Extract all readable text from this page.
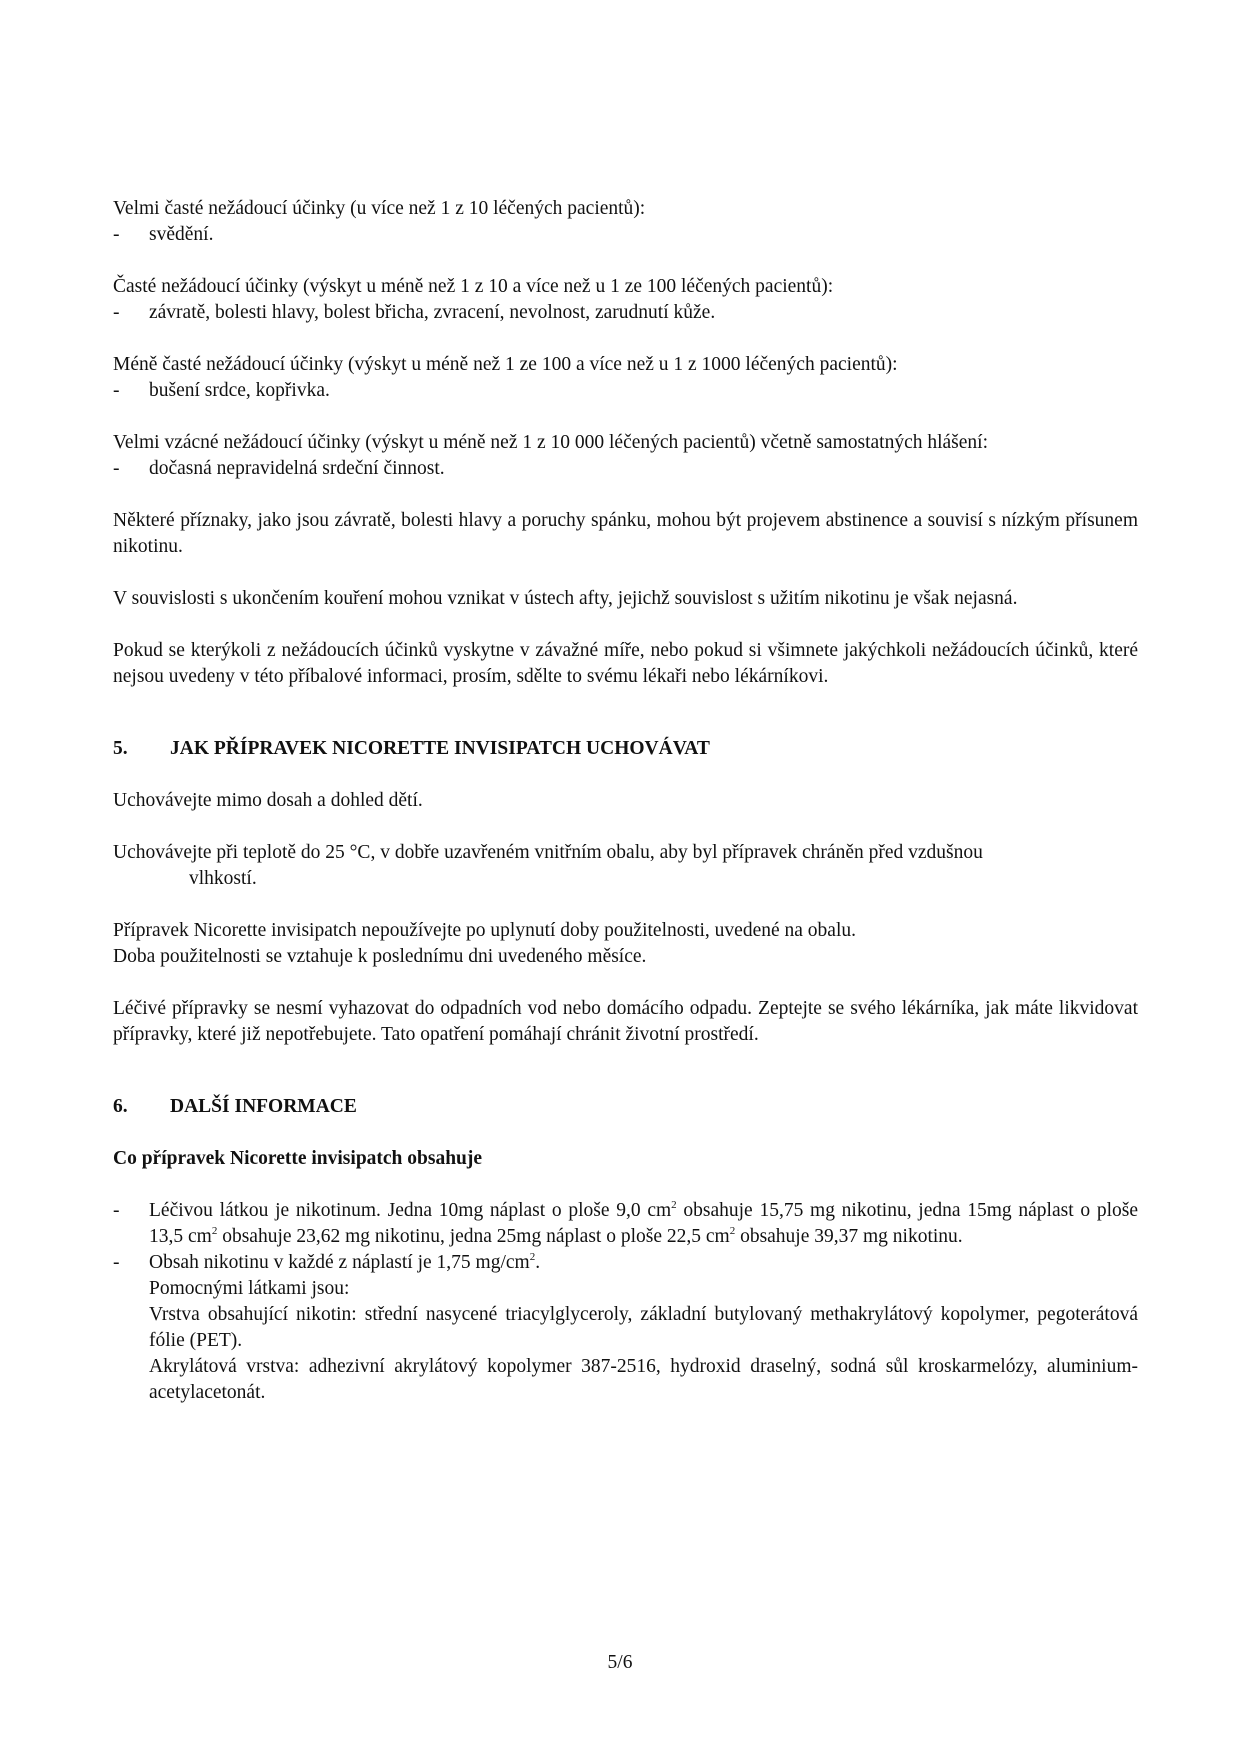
Velmi časté nežádoucí účinky (u více než 1 z 10 léčených pacientů):

-	svědění.

Časté nežádoucí účinky (výskyt u méně než 1 z 10 a více než u 1 ze 100 léčených pacientů):

-	závratě, bolesti hlavy, bolest břicha, zvracení, nevolnost, zarudnutí kůže.

Méně časté nežádoucí účinky (výskyt u méně než 1 ze 100 a více než u 1 z 1000 léčených pacientů):

-	bušení srdce, kopřivka.

Velmi vzácné nežádoucí účinky (výskyt u méně než 1 z 10 000 léčených pacientů) včetně samostatných hlášení:

-	dočasná nepravidelná srdeční činnost.

Některé příznaky, jako jsou závratě, bolesti hlavy a poruchy spánku, mohou být projevem abstinence a souvisí s nízkým přísunem nikotinu.

V souvislosti s ukončením kouření mohou vznikat v ústech afty, jejichž souvislost s užitím nikotinu je však nejasná.

Pokud se kterýkoli z nežádoucích účinků vyskytne v závažné míře, nebo pokud si všimnete jakýchkoli nežádoucích účinků, které nejsou uvedeny v této příbalové informaci, prosím, sdělte to svému lékaři nebo lékárníkovi.

5.	JAK PŘÍPRAVEK NICORETTE INVISIPATCH UCHOVÁVAT

Uchovávejte mimo dosah a dohled dětí.

Uchovávejte při teplotě do 25 °C, v dobře uzavřeném vnitřním obalu, aby byl přípravek chráněn před vzdušnou

vlhkostí.

Přípravek Nicorette invisipatch nepoužívejte po uplynutí doby použitelnosti, uvedené na obalu.

Doba použitelnosti se vztahuje k poslednímu dni uvedeného měsíce.

Léčivé přípravky se nesmí vyhazovat do odpadních vod nebo domácího odpadu. Zeptejte se svého lékárníka, jak máte likvidovat přípravky, které již nepotřebujete. Tato opatření pomáhají chránit životní prostředí.

6.	DALŠÍ INFORMACE

Co přípravek Nicorette invisipatch obsahuje

-	Léčivou látkou je nikotinum. Jedna 10mg náplast o ploše 9,0 $cm^2$ obsahuje 15,75 mg nikotinu, jedna 15mg náplast o ploše 13,5 $cm^2$ obsahuje 23,62 mg nikotinu, jedna 25mg náplast o ploše 22,5 $cm^2$ obsahuje 39,37 mg nikotinu.
-	Obsah nikotinu v každé z náplastí je 1,75 $mg/cm^2$.

Pomocnými látkami jsou:

Vrstva obsahující nikotin: střední nasycené triacylglyceroly, základní butylovaný methakrylátový kopolymer, pegoterátová fólie (PET).

Akrylátová vrstva: adhezivní akrylátový kopolymer 387-2516, hydroxid draselný, sodná sůl kroskarmelózy, aluminium-acetylacetonát.

5/6
